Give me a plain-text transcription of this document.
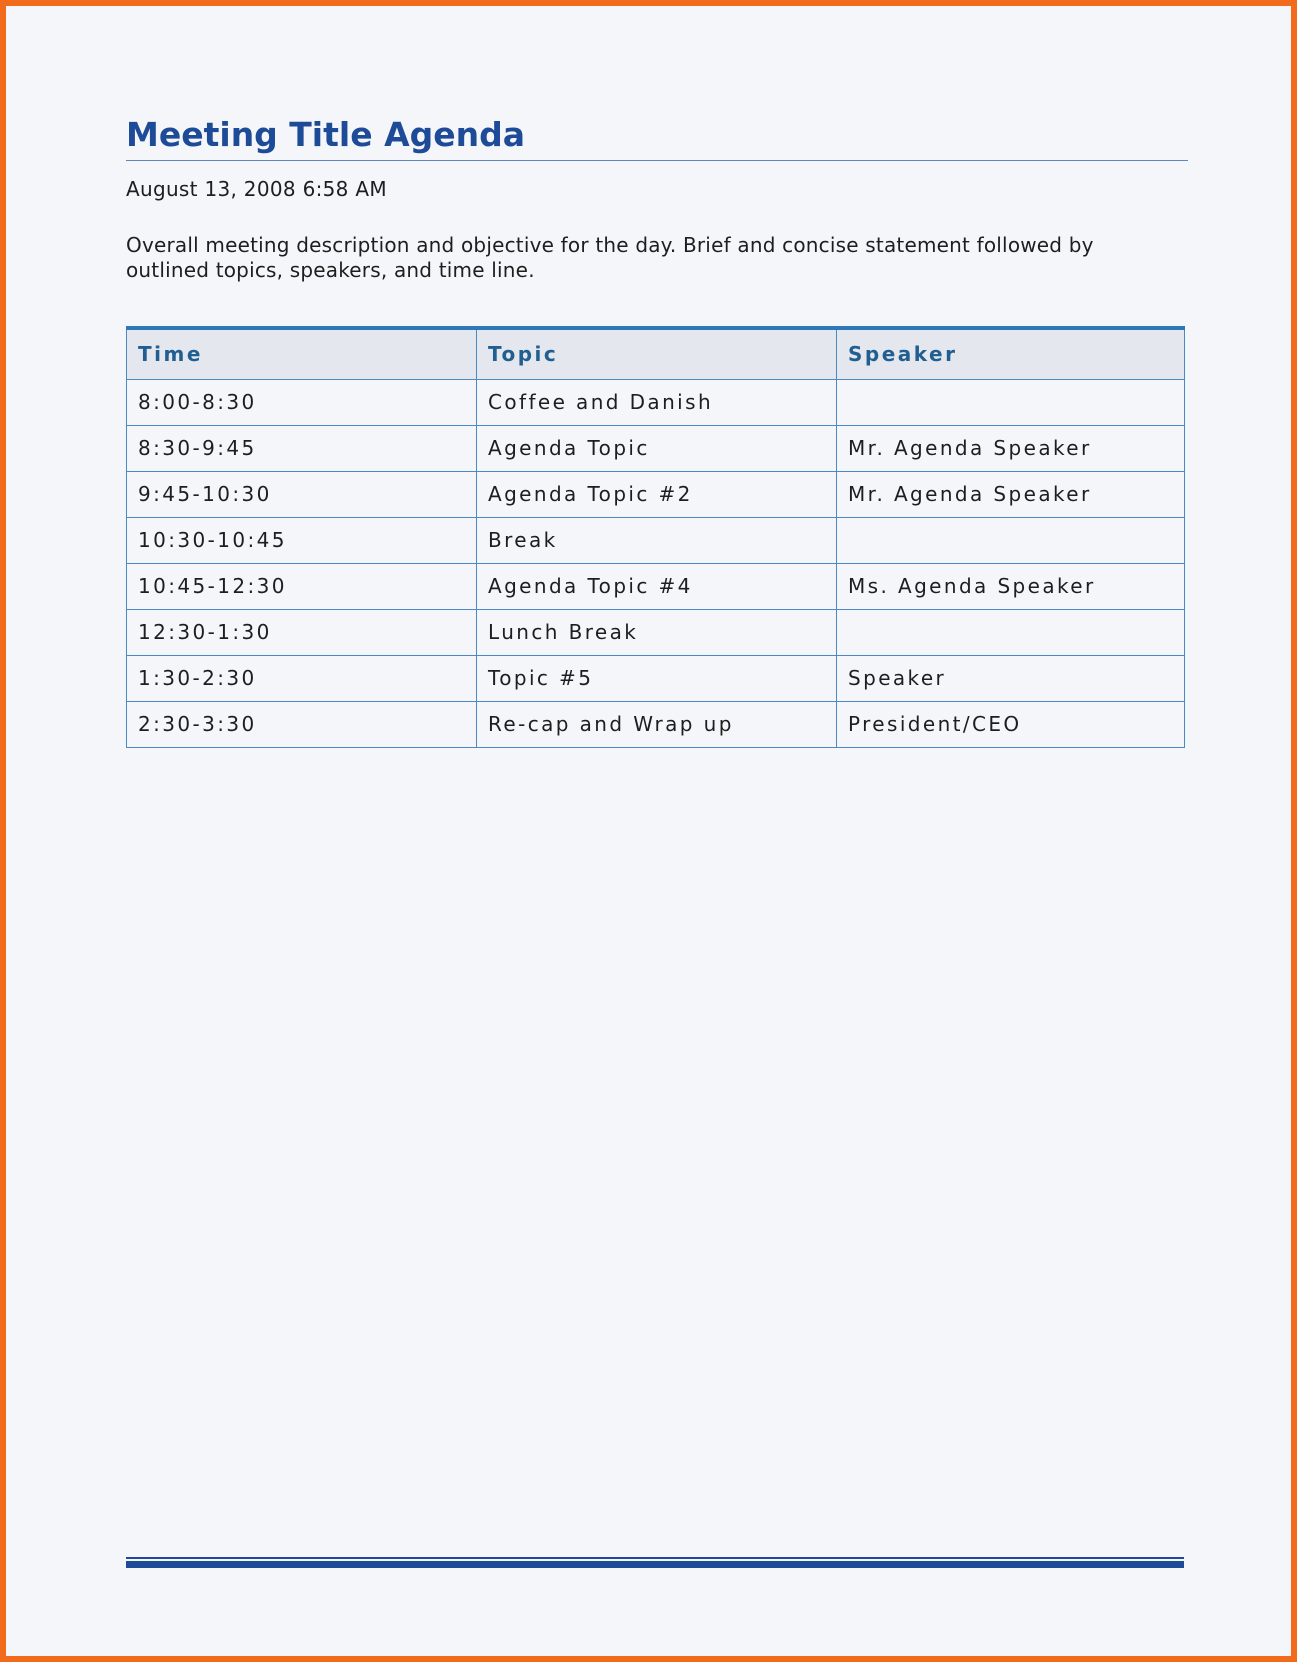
Meeting Title Agenda
August 13, 2008 6:58 AM
Overall meeting description and objective for the day. Brief and concise statement followed by outlined topics, speakers, and time line.
Time	Topic	Speaker
8:00-8:30	Coffee and Danish	
8:30-9:45	Agenda Topic	Mr. Agenda Speaker
9:45-10:30	Agenda Topic #2	Mr. Agenda Speaker
10:30-10:45	Break	
10:45-12:30	Agenda Topic #4	Ms. Agenda Speaker
12:30-1:30	Lunch Break	
1:30-2:30	Topic #5	Speaker
2:30-3:30	Re-cap and Wrap up	President/CEO
